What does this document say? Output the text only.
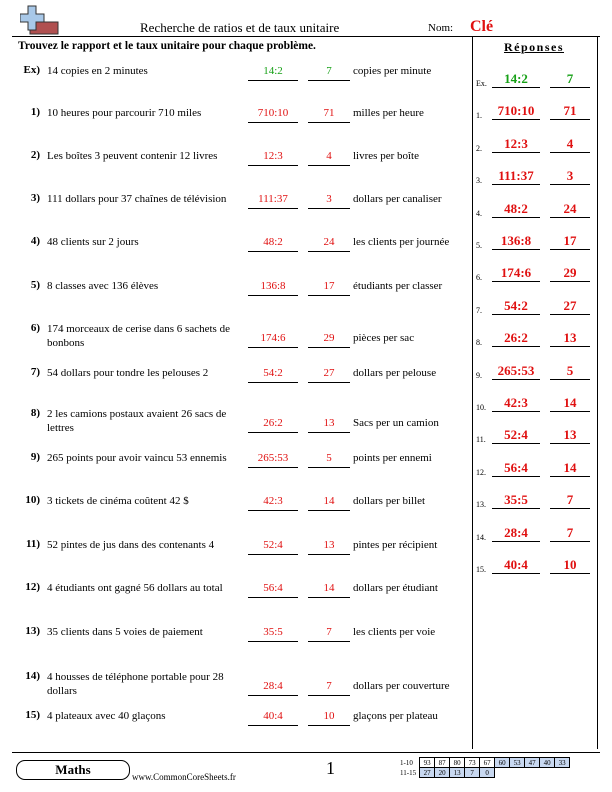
Recherche de ratios et de taux unitaire	Nom: Clé
Trouvez le rapport et le taux unitaire pour chaque problème.
Ex) 14 copies en 2 minutes	14:2	7	copies per minute
1) 10 heures pour parcourir 710 miles	710:10	71	milles per heure
2) Les boîtes 3 peuvent contenir 12 livres	12:3	4	livres per boîte
3) 111 dollars pour 37 chaînes de télévision	111:37	3	dollars per canaliser
4) 48 clients sur 2 jours	48:2	24	les clients per journée
5) 8 classes avec 136 élèves	136:8	17	étudiants per classer
6) 174 morceaux de cerise dans 6 sachets de bonbons	174:6	29	pièces per sac
7) 54 dollars pour tondre les pelouses 2	54:2	27	dollars per pelouse
8) 2 les camions postaux avaient 26 sacs de lettres	26:2	13	Sacs per un camion
9) 265 points pour avoir vaincu 53 ennemis	265:53	5	points per ennemi
10) 3 tickets de cinéma coûtent 42 $	42:3	14	dollars per billet
11) 52 pintes de jus dans des contenants 4	52:4	13	pintes per récipient
12) 4 étudiants ont gagné 56 dollars au total	56:4	14	dollars per étudiant
13) 35 clients dans 5 voies de paiement	35:5	7	les clients per voie
14) 4 housses de téléphone portable pour 28 dollars	28:4	7	dollars per couverture
15) 4 plateaux avec 40 glaçons	40:4	10	glaçons per plateau
Réponses
Ex.	14:2	7
1.	710:10	71
2.	12:3	4
3.	111:37	3
4.	48:2	24
5.	136:8	17
6.	174:6	29
7.	54:2	27
8.	26:2	13
9.	265:53	5
10.	42:3	14
11.	52:4	13
12.	56:4	14
13.	35:5	7
14.	28:4	7
15.	40:4	10
Maths	www.CommonCoreSheets.fr	1	1-10	93	87	80	73	67	60	53	47	40	33
11-15	27	20	13	7	0					
